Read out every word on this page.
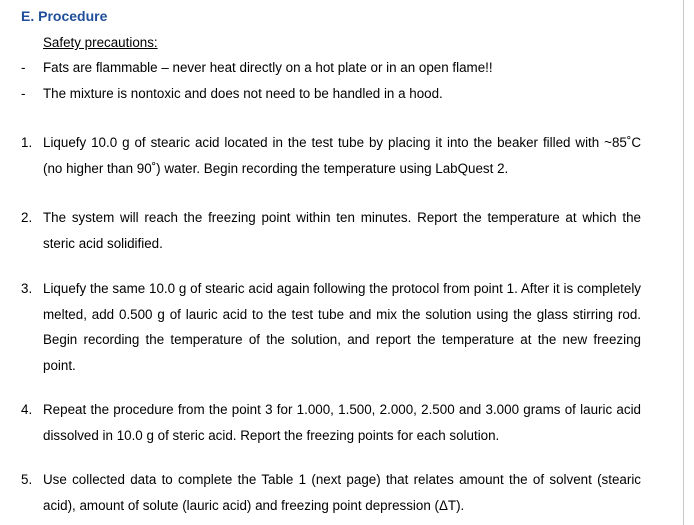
E. Procedure
Safety precautions:
- Fats are flammable – never heat directly on a hot plate or in an open flame!!
- The mixture is nontoxic and does not need to be handled in a hood.
1. Liquefy 10.0 g of stearic acid located in the test tube by placing it into the beaker filled with ~85˚C (no higher than 90˚) water. Begin recording the temperature using LabQuest 2.
2. The system will reach the freezing point within ten minutes. Report the temperature at which the steric acid solidified.
3. Liquefy the same 10.0 g of stearic acid again following the protocol from point 1. After it is completely melted, add 0.500 g of lauric acid to the test tube and mix the solution using the glass stirring rod. Begin recording the temperature of the solution, and report the temperature at the new freezing point.
4. Repeat the procedure from the point 3 for 1.000, 1.500, 2.000, 2.500 and 3.000 grams of lauric acid dissolved in 10.0 g of steric acid. Report the freezing points for each solution.
5. Use collected data to complete the Table 1 (next page) that relates amount the of solvent (stearic acid), amount of solute (lauric acid) and freezing point depression (ΔT).
